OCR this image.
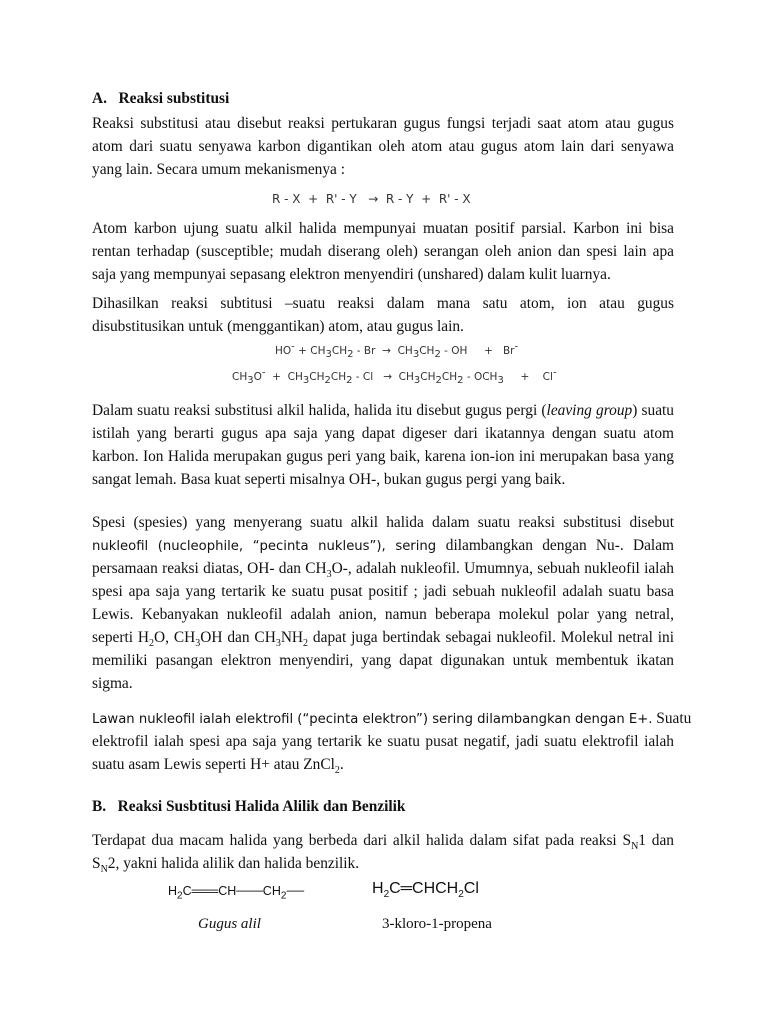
A. Reaksi substitusi
Reaksi substitusi atau disebut reaksi pertukaran gugus fungsi terjadi saat atom atau gugus
atom dari suatu senyawa karbon digantikan oleh atom atau gugus atom lain dari senyawa
yang lain. Secara umum mekanismenya :
R - X  +  R' - Y   →  R - Y  +  R' - X
Atom karbon ujung suatu alkil halida mempunyai muatan positif parsial. Karbon ini bisa
rentan terhadap (susceptible; mudah diserang oleh) serangan oleh anion dan spesi lain apa
saja yang mempunyai sepasang elektron menyendiri (unshared) dalam kulit luarnya.
Dihasilkan reaksi subtitusi –suatu reaksi dalam mana satu atom, ion atau gugus
disubstitusikan untuk (menggantikan) atom, atau gugus lain.
$HO^- + CH_3CH_2 - Br \to CH_3CH_2$ - OH     +   Br-
$CH_3O^- + CH_3CH_2CH_2 - Cl \to CH_3CH_2CH_2 - OCH_3$     +    Cl-
Dalam suatu reaksi substitusi alkil halida, halida itu disebut gugus pergi (leaving group) suatu
istilah yang berarti gugus apa saja yang dapat digeser dari ikatannya dengan suatu atom
karbon. Ion Halida merupakan gugus peri yang baik, karena ion-ion ini merupakan basa yang
sangat lemah. Basa kuat seperti misalnya OH-, bukan gugus pergi yang baik.
Spesi (spesies) yang menyerang suatu alkil halida dalam suatu reaksi substitusi disebut
nukleofil (nucleophile, “pecinta nukleus”), sering dilambangkan dengan Nu-. Dalam
persamaan reaksi diatas, OH- dan $CH_3O-$, adalah nukleofil. Umumnya, sebuah nukleofil ialah
spesi apa saja yang tertarik ke suatu pusat positif ; jadi sebuah nukleofil adalah suatu basa
Lewis. Kebanyakan nukleofil adalah anion, namun beberapa molekul polar yang netral,
seperti $H_2O$, $CH_3OH$ dan $CH_3NH_2$ dapat juga bertindak sebagai nukleofil. Molekul netral ini
memiliki pasangan elektron menyendiri, yang dapat digunakan untuk membentuk ikatan
sigma.
Lawan nukleofil ialah elektrofil (“pecinta elektron”) sering dilambangkan dengan E+. Suatu
elektrofil ialah spesi apa saja yang tertarik ke suatu pusat negatif, jadi suatu elektrofil ialah
suatu asam Lewis seperti H+ atau ZnCl$_2$.
B. Reaksi Susbtitusi Halida Alilik dan Benzilik
Terdapat dua macam halida yang berbeda dari alkil halida dalam sifat pada reaksi $S_N1$ dan
$S_N2$, yakni halida alilik dan halida benzilik.
$H_2C═══CH───CH_2──$
Gugus alil
$H_2C═CHCH_2Cl$
3-kloro-1-propena
